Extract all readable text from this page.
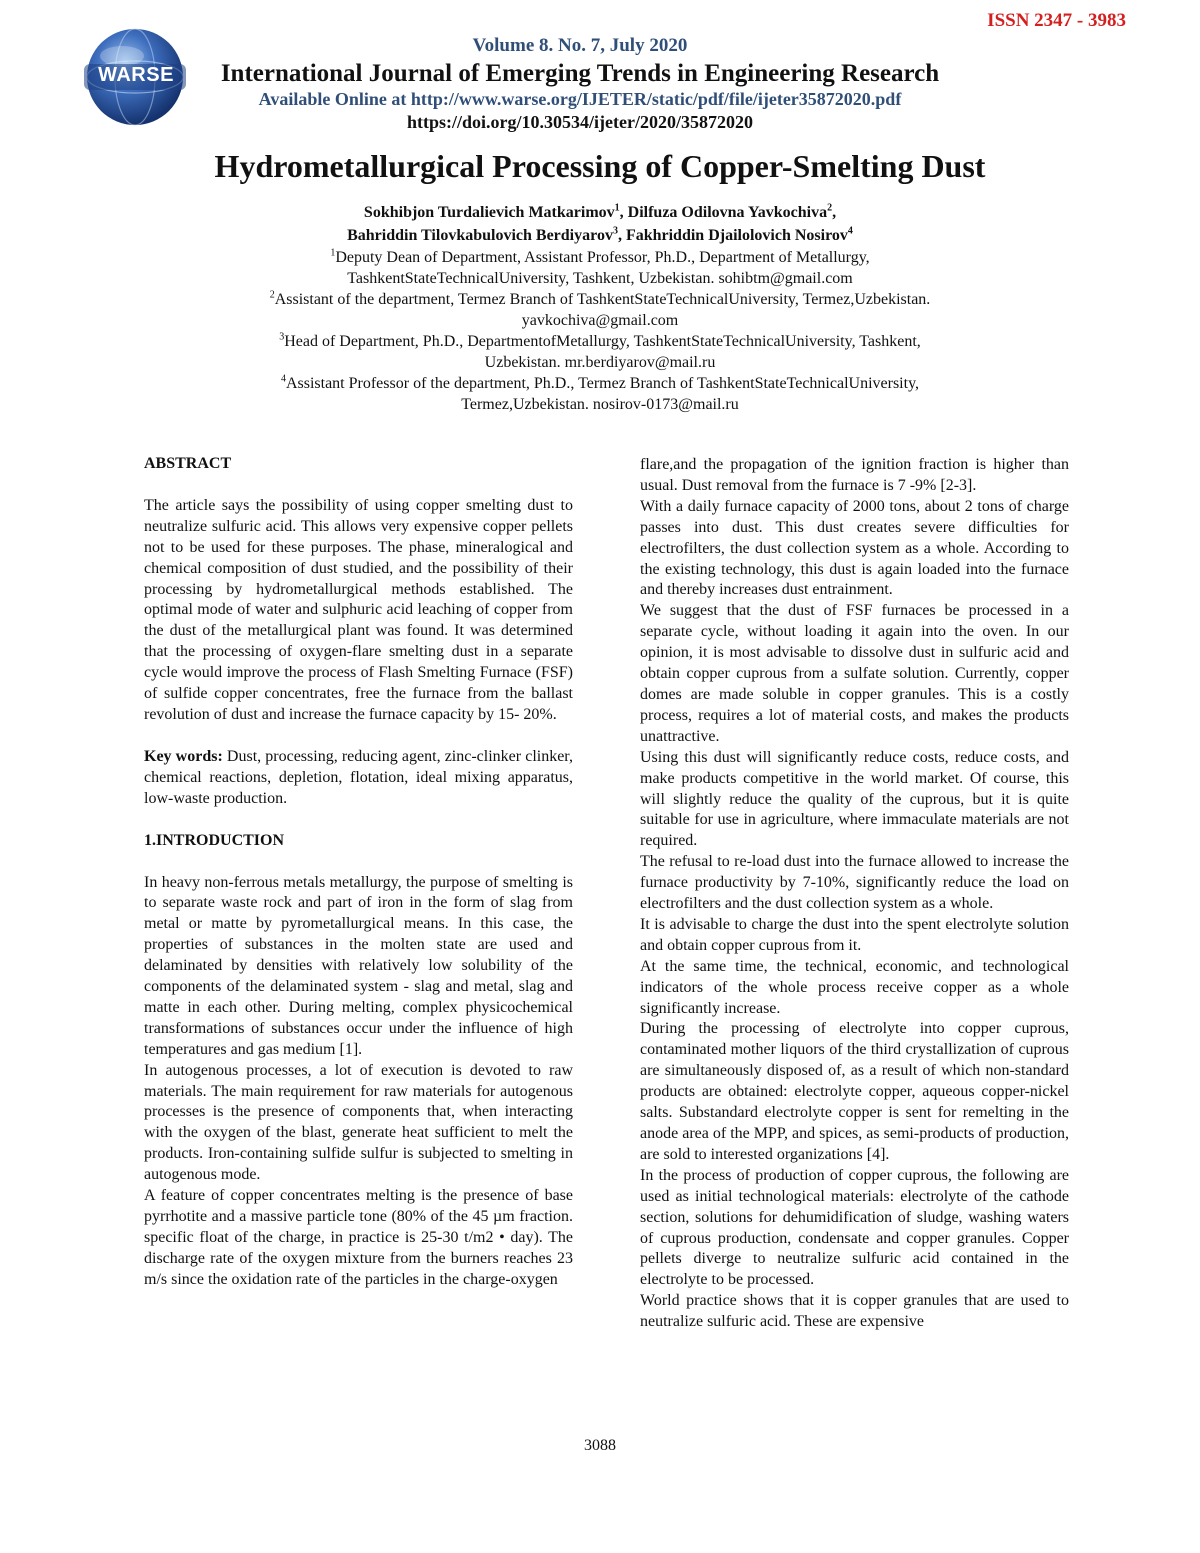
ISSN 2347 - 3983
WARSE
Volume 8. No. 7, July 2020
International Journal of Emerging Trends in Engineering Research
Available Online at http://www.warse.org/IJETER/static/pdf/file/ijeter35872020.pdf
https://doi.org/10.30534/ijeter/2020/35872020
Hydrometallurgical Processing of Copper-Smelting Dust
Sokhibjon Turdalievich Matkarimov$^1$, Dilfuza Odilovna Yavkochiva$^2$,
Bahriddin Tilovkabulovich Berdiyarov$^3$, Fakhriddin Djailolovich Nosirov$^4$
$^1$Deputy Dean of Department, Assistant Professor, Ph.D., Department of Metallurgy,
TashkentStateTechnicalUniversity, Tashkent, Uzbekistan. sohibtm@gmail.com
$^2$Assistant of the department, Termez Branch of TashkentStateTechnicalUniversity, Termez,Uzbekistan.
yavkochiva@gmail.com
$^3$Head of Department, Ph.D., DepartmentofMetallurgy, TashkentStateTechnicalUniversity, Tashkent,
Uzbekistan. mr.berdiyarov@mail.ru
$^4$Assistant Professor of the department, Ph.D., Termez Branch of TashkentStateTechnicalUniversity,
Termez,Uzbekistan. nosirov-0173@mail.ru
ABSTRACT

The article says the possibility of using copper smelting dust to neutralize sulfuric acid. This allows very expensive copper pellets not to be used for these purposes. The phase, mineralogical and chemical composition of dust studied, and the possibility of their processing by hydrometallurgical methods established. The optimal mode of water and sulphuric acid leaching of copper from the dust of the metallurgical plant was found. It was determined that the processing of oxygen-flare smelting dust in a separate cycle would improve the process of Flash Smelting Furnace (FSF) of sulfide copper concentrates, free the furnace from the ballast revolution of dust and increase the furnace capacity by 15- 20%.

Key words: Dust, processing, reducing agent, zinc-clinker clinker, chemical reactions, depletion, flotation, ideal mixing apparatus, low-waste production.

1.INTRODUCTION

In heavy non-ferrous metals metallurgy, the purpose of smelting is to separate waste rock and part of iron in the form of slag from metal or matte by pyrometallurgical means. In this case, the properties of substances in the molten state are used and delaminated by densities with relatively low solubility of the components of the delaminated system - slag and metal, slag and matte in each other. During melting, complex physicochemical transformations of substances occur under the influence of high temperatures and gas medium [1].

In autogenous processes, a lot of execution is devoted to raw materials. The main requirement for raw materials for autogenous processes is the presence of components that, when interacting with the oxygen of the blast, generate heat sufficient to melt the products. Iron-containing sulfide sulfur is subjected to smelting in autogenous mode.

A feature of copper concentrates melting is the presence of base pyrrhotite and a massive particle tone (80% of the 45 µm fraction. specific float of the charge, in practice is 25-30 t/m2 • day). The discharge rate of the oxygen mixture from the burners reaches 23 m/s since the oxidation rate of the particles in the charge-oxygen

flare,and the propagation of the ignition fraction is higher than usual. Dust removal from the furnace is 7 -9% [2-3].

With a daily furnace capacity of 2000 tons, about 2 tons of charge passes into dust. This dust creates severe difficulties for electrofilters, the dust collection system as a whole. According to the existing technology, this dust is again loaded into the furnace and thereby increases dust entrainment.

We suggest that the dust of FSF furnaces be processed in a separate cycle, without loading it again into the oven. In our opinion, it is most advisable to dissolve dust in sulfuric acid and obtain copper cuprous from a sulfate solution. Currently, copper domes are made soluble in copper granules. This is a costly process, requires a lot of material costs, and makes the products unattractive.

Using this dust will significantly reduce costs, reduce costs, and make products competitive in the world market. Of course, this will slightly reduce the quality of the cuprous, but it is quite suitable for use in agriculture, where immaculate materials are not required.

The refusal to re-load dust into the furnace allowed to increase the furnace productivity by 7-10%, significantly reduce the load on electrofilters and the dust collection system as a whole.

It is advisable to charge the dust into the spent electrolyte solution and obtain copper cuprous from it.

At the same time, the technical, economic, and technological indicators of the whole process receive copper as a whole significantly increase.

During the processing of electrolyte into copper cuprous, contaminated mother liquors of the third crystallization of cuprous are simultaneously disposed of, as a result of which non-standard products are obtained: electrolyte copper, aqueous copper-nickel salts. Substandard electrolyte copper is sent for remelting in the anode area of the MPP, and spices, as semi-products of production, are sold to interested organizations [4].

In the process of production of copper cuprous, the following are used as initial technological materials: electrolyte of the cathode section, solutions for dehumidification of sludge, washing waters of cuprous production, condensate and copper granules. Copper pellets diverge to neutralize sulfuric acid contained in the electrolyte to be processed.

World practice shows that it is copper granules that are used to neutralize sulfuric acid. These are expensive

3088
